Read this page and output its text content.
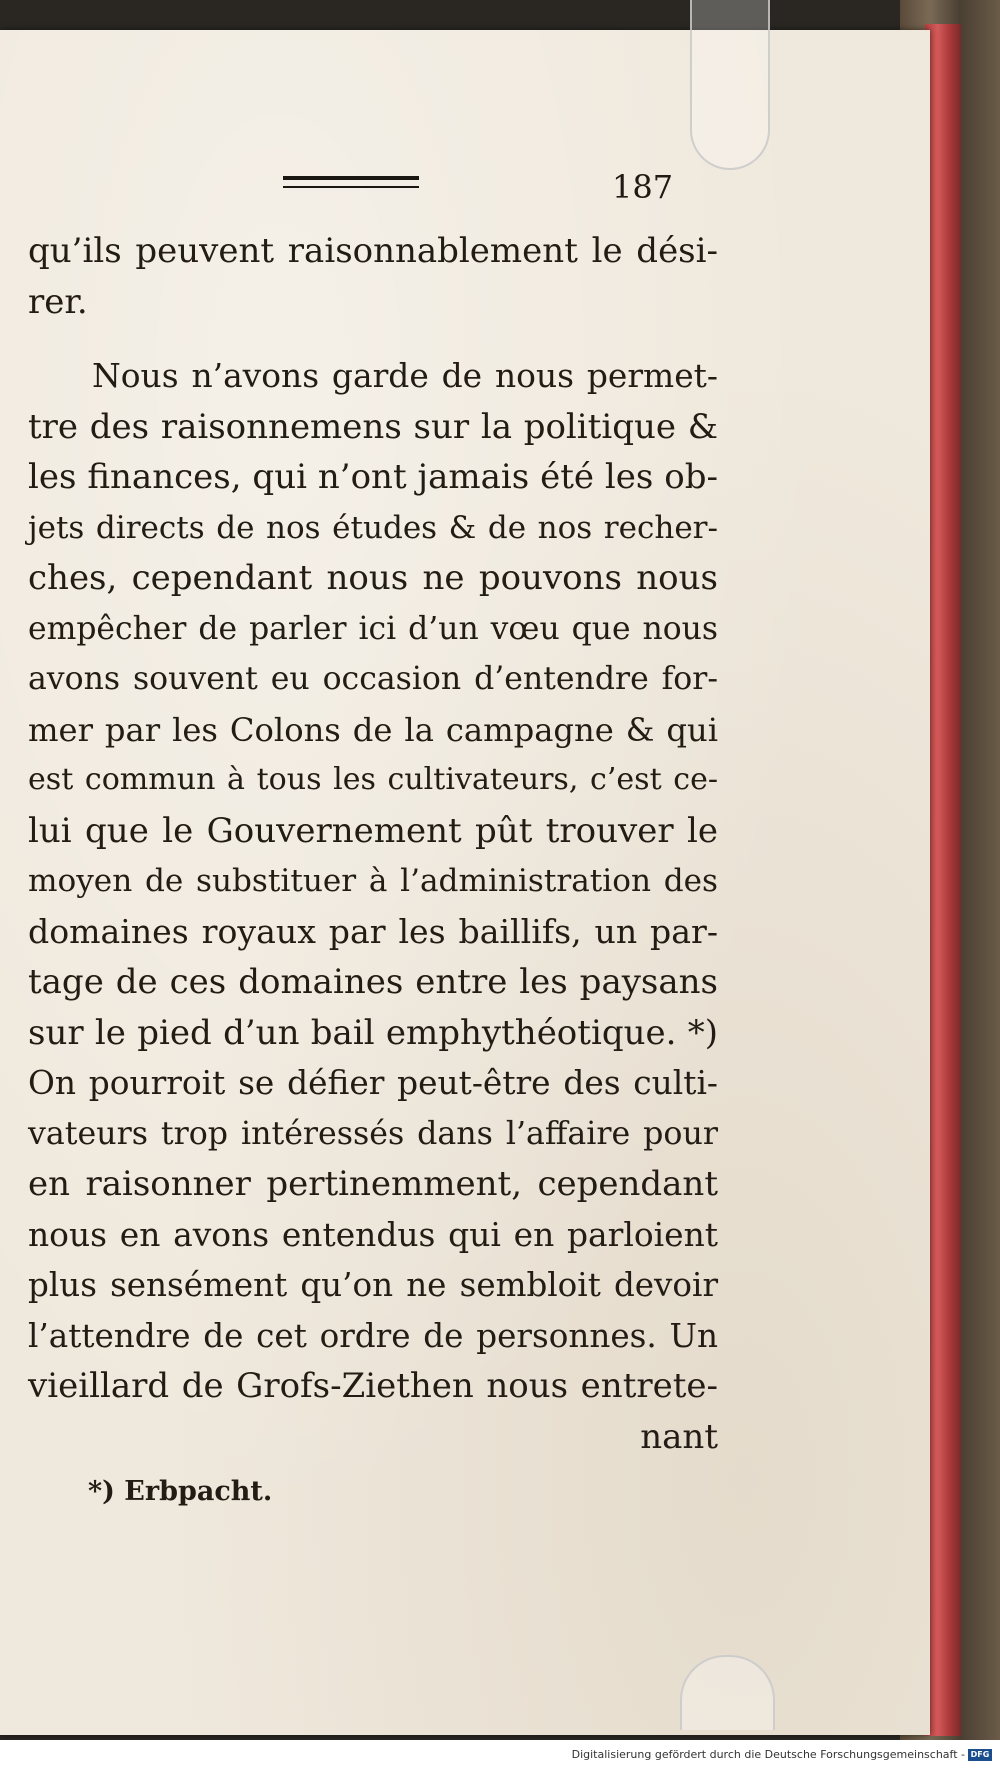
187
qu’ils peuvent raisonnablement le dési-
rer.
Nous n’avons garde de nous permet-
tre des raisonnemens sur la politique &
les finances, qui n’ont jamais été les ob-
jets directs de nos études & de nos recher-
ches, cependant nous ne pouvons nous
empêcher de parler ici d’un vœu que nous
avons souvent eu occasion d’entendre for-
mer par les Colons de la campagne & qui
est commun à tous les cultivateurs, c’est ce-
lui que le Gouvernement pût trouver le
moyen de substituer à l’administration des
domaines royaux par les baillifs, un par-
tage de ces domaines entre les paysans
sur le pied d’un bail emphythéotique. *)
On pourroit se défier peut-être des culti-
vateurs trop intéressés dans l’affaire pour
en raisonner pertinemment, cependant
nous en avons entendus qui en parloient
plus sensément qu’on ne sembloit devoir
l’attendre de cet ordre de personnes. Un
vieillard de Grofs-Ziethen nous entrete-
nant
*) Erbpacht.
Digitalisierung gefördert durch die Deutsche Forschungsgemeinschaft - DFG
